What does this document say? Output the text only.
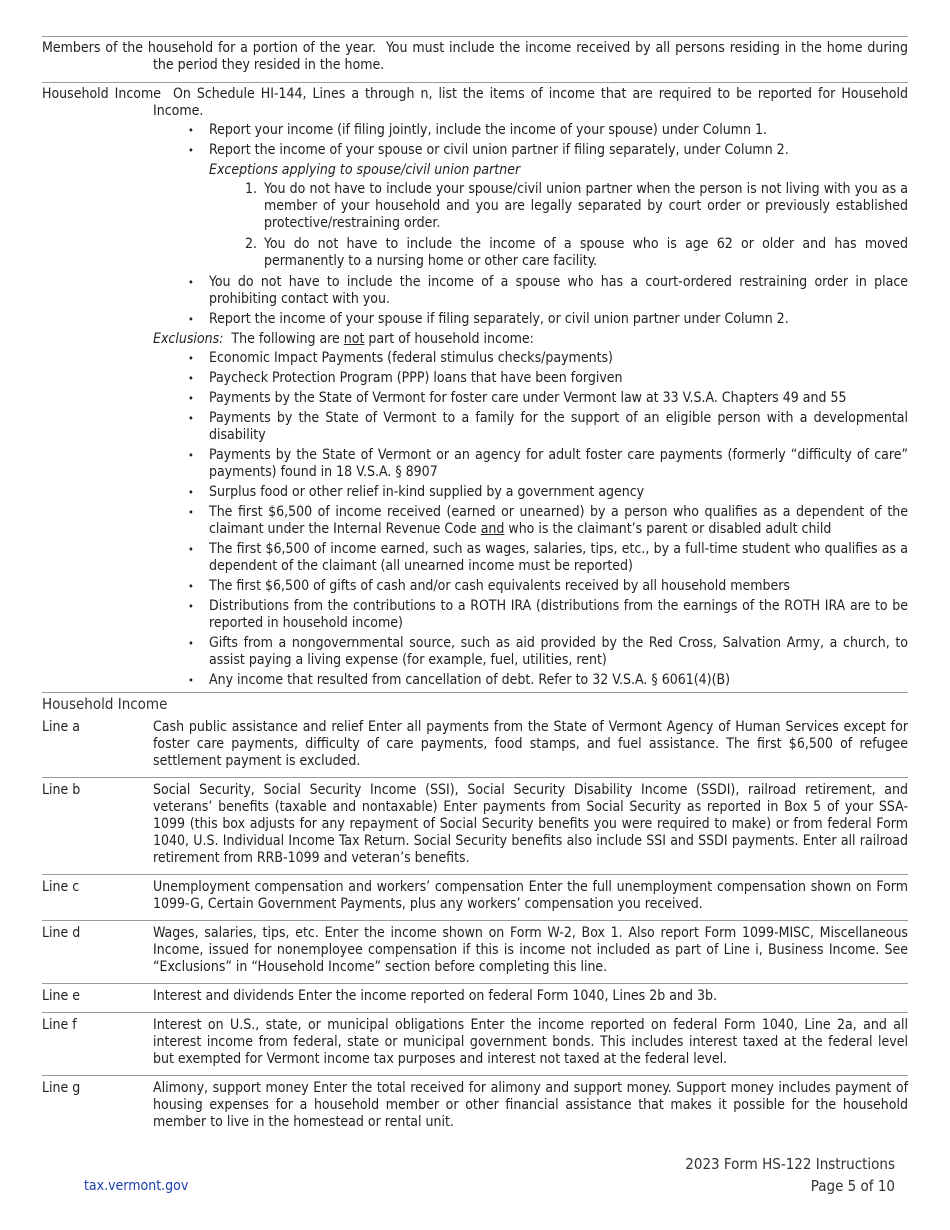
Members of the household for a portion of the year. You must include the income received by all persons residing in the home during the period they resided in the home.
Household Income On Schedule HI-144, Lines a through n, list the items of income that are required to be reported for Household Income.
• Report your income (if filing jointly, include the income of your spouse) under Column 1.
• Report the income of your spouse or civil union partner if filing separately, under Column 2.
Exceptions applying to spouse/civil union partner
1. You do not have to include your spouse/civil union partner when the person is not living with you as a member of your household and you are legally separated by court order or previously established protective/restraining order.
2. You do not have to include the income of a spouse who is age 62 or older and has moved permanently to a nursing home or other care facility.
• You do not have to include the income of a spouse who has a court-ordered restraining order in place prohibiting contact with you.
• Report the income of your spouse if filing separately, or civil union partner under Column 2.
Exclusions: The following are not part of household income:
• Economic Impact Payments (federal stimulus checks/payments)
• Paycheck Protection Program (PPP) loans that have been forgiven
• Payments by the State of Vermont for foster care under Vermont law at 33 V.S.A. Chapters 49 and 55
• Payments by the State of Vermont to a family for the support of an eligible person with a developmental disability
• Payments by the State of Vermont or an agency for adult foster care payments (formerly “difficulty of care” payments) found in 18 V.S.A. § 8907
• Surplus food or other relief in-kind supplied by a government agency
• The first $6,500 of income received (earned or unearned) by a person who qualifies as a dependent of the claimant under the Internal Revenue Code and who is the claimant’s parent or disabled adult child
• The first $6,500 of income earned, such as wages, salaries, tips, etc., by a full-time student who qualifies as a dependent of the claimant (all unearned income must be reported)
• The first $6,500 of gifts of cash and/or cash equivalents received by all household members
• Distributions from the contributions to a ROTH IRA (distributions from the earnings of the ROTH IRA are to be reported in household income)
• Gifts from a nongovernmental source, such as aid provided by the Red Cross, Salvation Army, a church, to assist paying a living expense (for example, fuel, utilities, rent)
• Any income that resulted from cancellation of debt. Refer to 32 V.S.A. § 6061(4)(B)
Household Income
Line a	Cash public assistance and relief Enter all payments from the State of Vermont Agency of Human Services except for foster care payments, difficulty of care payments, food stamps, and fuel assistance. The first $6,500 of refugee settlement payment is excluded.
Line b	Social Security, Social Security Income (SSI), Social Security Disability Income (SSDI), railroad retirement, and veterans’ benefits (taxable and nontaxable) Enter payments from Social Security as reported in Box 5 of your SSA-1099 (this box adjusts for any repayment of Social Security benefits you were required to make) or from federal Form 1040, U.S. Individual Income Tax Return. Social Security benefits also include SSI and SSDI payments. Enter all railroad retirement from RRB-1099 and veteran’s benefits.
Line c	Unemployment compensation and workers’ compensation Enter the full unemployment compensation shown on Form 1099-G, Certain Government Payments, plus any workers’ compensation you received.
Line d	Wages, salaries, tips, etc. Enter the income shown on Form W-2, Box 1. Also report Form 1099-MISC, Miscellaneous Income, issued for nonemployee compensation if this is income not included as part of Line i, Business Income. See “Exclusions” in “Household Income” section before completing this line.
Line e	Interest and dividends Enter the income reported on federal Form 1040, Lines 2b and 3b.
Line f	Interest on U.S., state, or municipal obligations Enter the income reported on federal Form 1040, Line 2a, and all interest income from federal, state or municipal government bonds. This includes interest taxed at the federal level but exempted for Vermont income tax purposes and interest not taxed at the federal level.
Line g	Alimony, support money Enter the total received for alimony and support money. Support money includes payment of housing expenses for a household member or other financial assistance that makes it possible for the household member to live in the homestead or rental unit.
2023 Form HS-122 Instructions
Page 5 of 10
tax.vermont.gov
